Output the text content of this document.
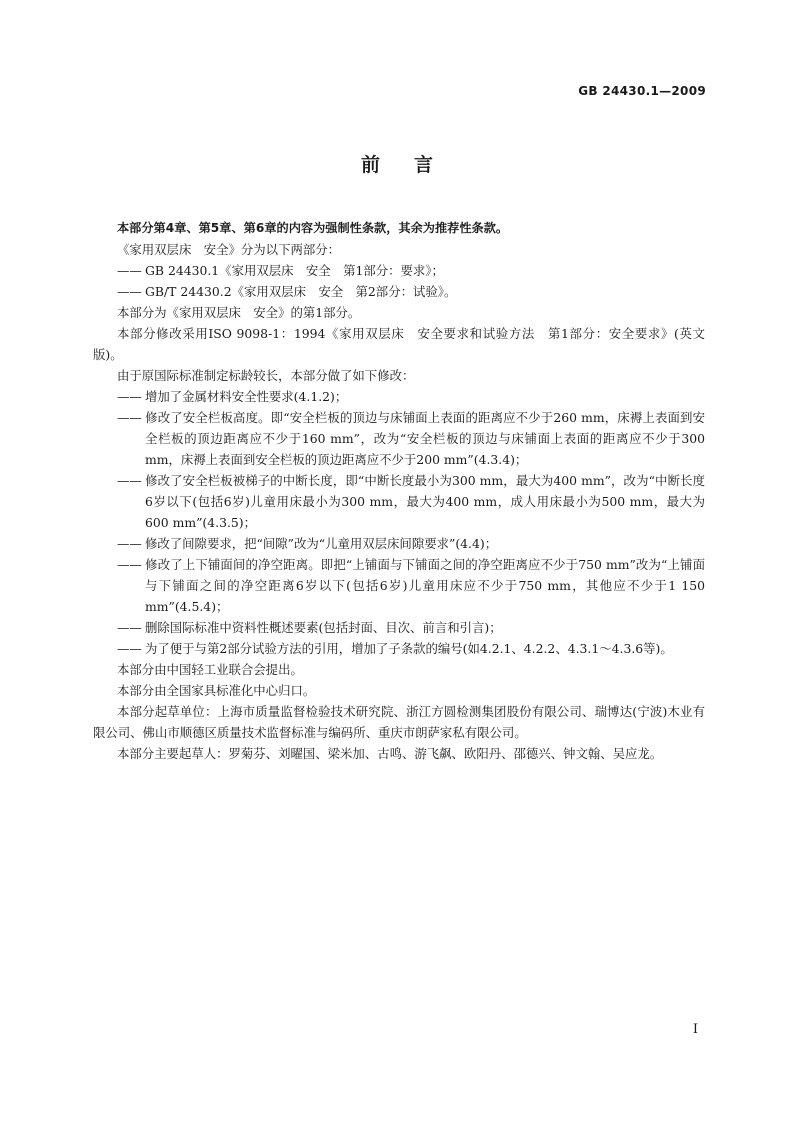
GB 24430.1—2009
前言

本部分第4章、第5章、第6章的内容为强制性条款，其余为推荐性条款。

《家用双层床　安全》分为以下两部分：

—— GB 24430.1《家用双层床　安全　第1部分：要求》；

—— GB/T 24430.2《家用双层床　安全　第2部分：试验》。

本部分为《家用双层床　安全》的第1部分。

本部分修改采用ISO 9098-1：1994《家用双层床　安全要求和试验方法　第1部分：安全要求》(英文版)。

由于原国际标准制定标龄较长，本部分做了如下修改：

—— 增加了金属材料安全性要求(4.1.2)；

—— 修改了安全栏板高度。即“安全栏板的顶边与床铺面上表面的距离应不少于260 mm，床褥上表面到安全栏板的顶边距离应不少于160 mm”，改为“安全栏板的顶边与床铺面上表面的距离应不少于300 mm，床褥上表面到安全栏板的顶边距离应不少于200 mm”(4.3.4)；

—— 修改了安全栏板被梯子的中断长度，即“中断长度最小为300 mm，最大为400 mm”，改为“中断长度6岁以下(包括6岁)儿童用床最小为300 mm，最大为400 mm，成人用床最小为500 mm，最大为600 mm”(4.3.5)；

—— 修改了间隙要求，把“间隙”改为“儿童用双层床间隙要求”(4.4)；

—— 修改了上下铺面间的净空距离。即把“上铺面与下铺面之间的净空距离应不少于750 mm”改为“上铺面与下铺面之间的净空距离6岁以下(包括6岁)儿童用床应不少于750 mm，其他应不少于1 150 mm”(4.5.4)；

—— 删除国际标准中资料性概述要素(包括封面、目次、前言和引言)；

—— 为了便于与第2部分试验方法的引用，增加了子条款的编号(如4.2.1、4.2.2、4.3.1～4.3.6等)。

本部分由中国轻工业联合会提出。

本部分由全国家具标准化中心归口。

本部分起草单位：上海市质量监督检验技术研究院、浙江方圆检测集团股份有限公司、瑞博达(宁波)木业有限公司、佛山市顺德区质量技术监督标准与编码所、重庆市朗萨家私有限公司。

本部分主要起草人：罗菊芬、刘曜国、梁米加、古鸣、游飞飙、欧阳丹、邵德兴、钟文翰、吴应龙。

I
